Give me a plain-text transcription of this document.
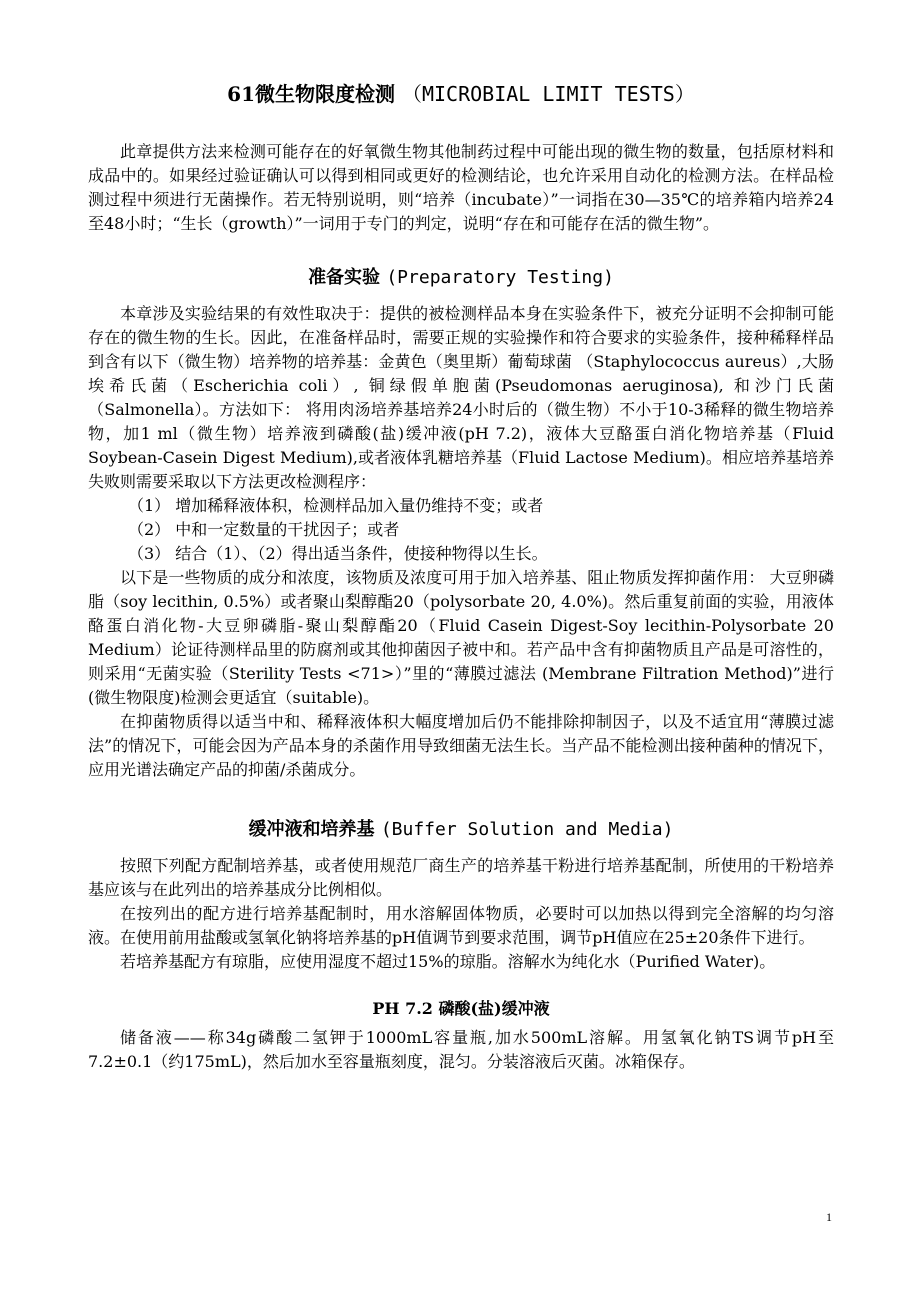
61微生物限度检测 （MICROBIAL LIMIT TESTS）

此章提供方法来检测可能存在的好氧微生物其他制药过程中可能出现的微生物的数量，包括原材料和成品中的。如果经过验证确认可以得到相同或更好的检测结论，也允许采用自动化的检测方法。在样品检测过程中须进行无菌操作。若无特别说明，则“培养（incubate）”一词指在30—35℃的培养箱内培养24至48小时；“生长（growth）”一词用于专门的判定，说明“存在和可能存在活的微生物”。

准备实验 (Preparatory Testing)

本章涉及实验结果的有效性取决于：提供的被检测样品本身在实验条件下，被充分证明不会抑制可能存在的微生物的生长。因此，在准备样品时，需要正规的实验操作和符合要求的实验条件，接种稀释样品到含有以下（微生物）培养物的培养基：金黄色（奥里斯）葡萄球菌 （Staphylococcus aureus）,大肠埃希氏菌（Escherichia coli）, 铜绿假单胞菌(Pseudomonas aeruginosa), 和沙门氏菌（Salmonella）。方法如下： 将用肉汤培养基培养24小时后的（微生物）不小于10-3稀释的微生物培养物，加1 ml（微生物）培养液到磷酸(盐)缓冲液(pH 7.2)，液体大豆酪蛋白消化物培养基（Fluid Soybean-Casein Digest Medium),或者液体乳糖培养基（Fluid Lactose Medium)。相应培养基培养失败则需要采取以下方法更改检测程序：

（1） 增加稀释液体积，检测样品加入量仍维持不变；或者

（2） 中和一定数量的干扰因子；或者

（3） 结合（1）、（2）得出适当条件，使接种物得以生长。

以下是一些物质的成分和浓度，该物质及浓度可用于加入培养基、阻止物质发挥抑菌作用： 大豆卵磷脂（soy lecithin, 0.5%）或者聚山梨醇酯20（polysorbate 20, 4.0%)。然后重复前面的实验，用液体酪蛋白消化物-大豆卵磷脂-聚山梨醇酯20（Fluid Casein Digest-Soy lecithin-Polysorbate 20 Medium）论证待测样品里的防腐剂或其他抑菌因子被中和。若产品中含有抑菌物质且产品是可溶性的，则采用“无菌实验（Sterility Tests <71>）”里的“薄膜过滤法 (Membrane Filtration Method)”进行(微生物限度)检测会更适宜（suitable)。

在抑菌物质得以适当中和、稀释液体积大幅度增加后仍不能排除抑制因子，以及不适宜用“薄膜过滤法”的情况下，可能会因为产品本身的杀菌作用导致细菌无法生长。当产品不能检测出接种菌种的情况下，应用光谱法确定产品的抑菌/杀菌成分。

缓冲液和培养基 (Buffer Solution and Media)

按照下列配方配制培养基，或者使用规范厂商生产的培养基干粉进行培养基配制，所使用的干粉培养基应该与在此列出的培养基成分比例相似。

在按列出的配方进行培养基配制时，用水溶解固体物质，必要时可以加热以得到完全溶解的均匀溶液。在使用前用盐酸或氢氧化钠将培养基的pH值调节到要求范围，调节pH值应在25±20条件下进行。

若培养基配方有琼脂，应使用湿度不超过15%的琼脂。溶解水为纯化水（Purified Water)。

PH 7.2 磷酸(盐)缓冲液

储备液——称34g磷酸二氢钾于1000mL容量瓶,加水500mL溶解。用氢氧化钠TS调节pH至7.2±0.1（约175mL)，然后加水至容量瓶刻度，混匀。分装溶液后灭菌。冰箱保存。

1
